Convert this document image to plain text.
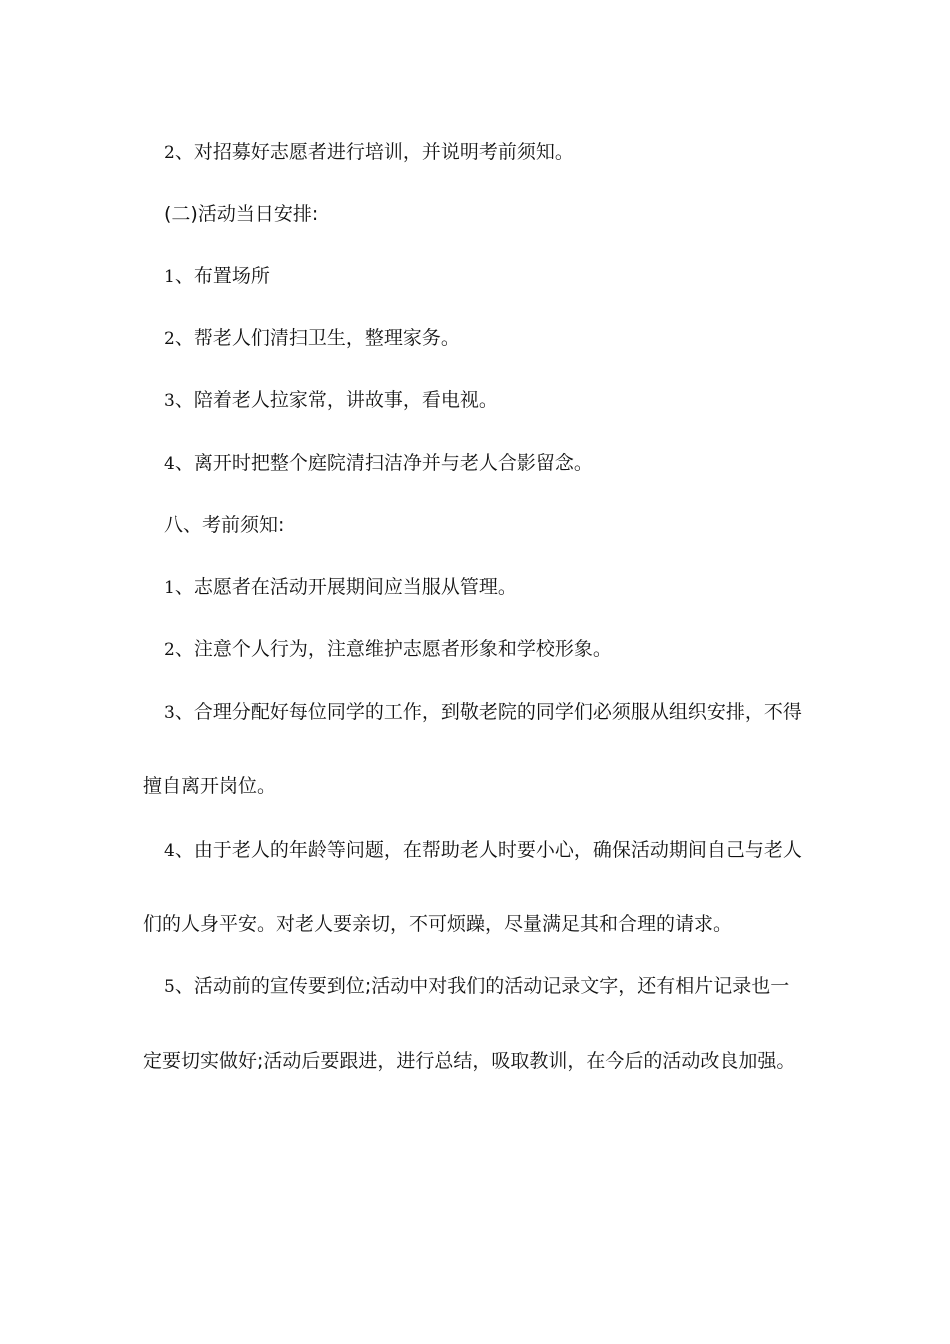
2、对招募好志愿者进行培训，并说明考前须知。
(二)活动当日安排:
1、布置场所
2、帮老人们清扫卫生，整理家务。
3、陪着老人拉家常，讲故事，看电视。
4、离开时把整个庭院清扫洁净并与老人合影留念。
八、考前须知:
1、志愿者在活动开展期间应当服从管理。
2、注意个人行为，注意维护志愿者形象和学校形象。
3、合理分配好每位同学的工作，到敬老院的同学们必须服从组织安排，不得
擅自离开岗位。
4、由于老人的年龄等问题，在帮助老人时要小心，确保活动期间自己与老人
们的人身平安。对老人要亲切，不可烦躁，尽量满足其和合理的请求。
5、活动前的宣传要到位;活动中对我们的活动记录文字，还有相片记录也一
定要切实做好;活动后要跟进，进行总结，吸取教训，在今后的活动改良加强。
